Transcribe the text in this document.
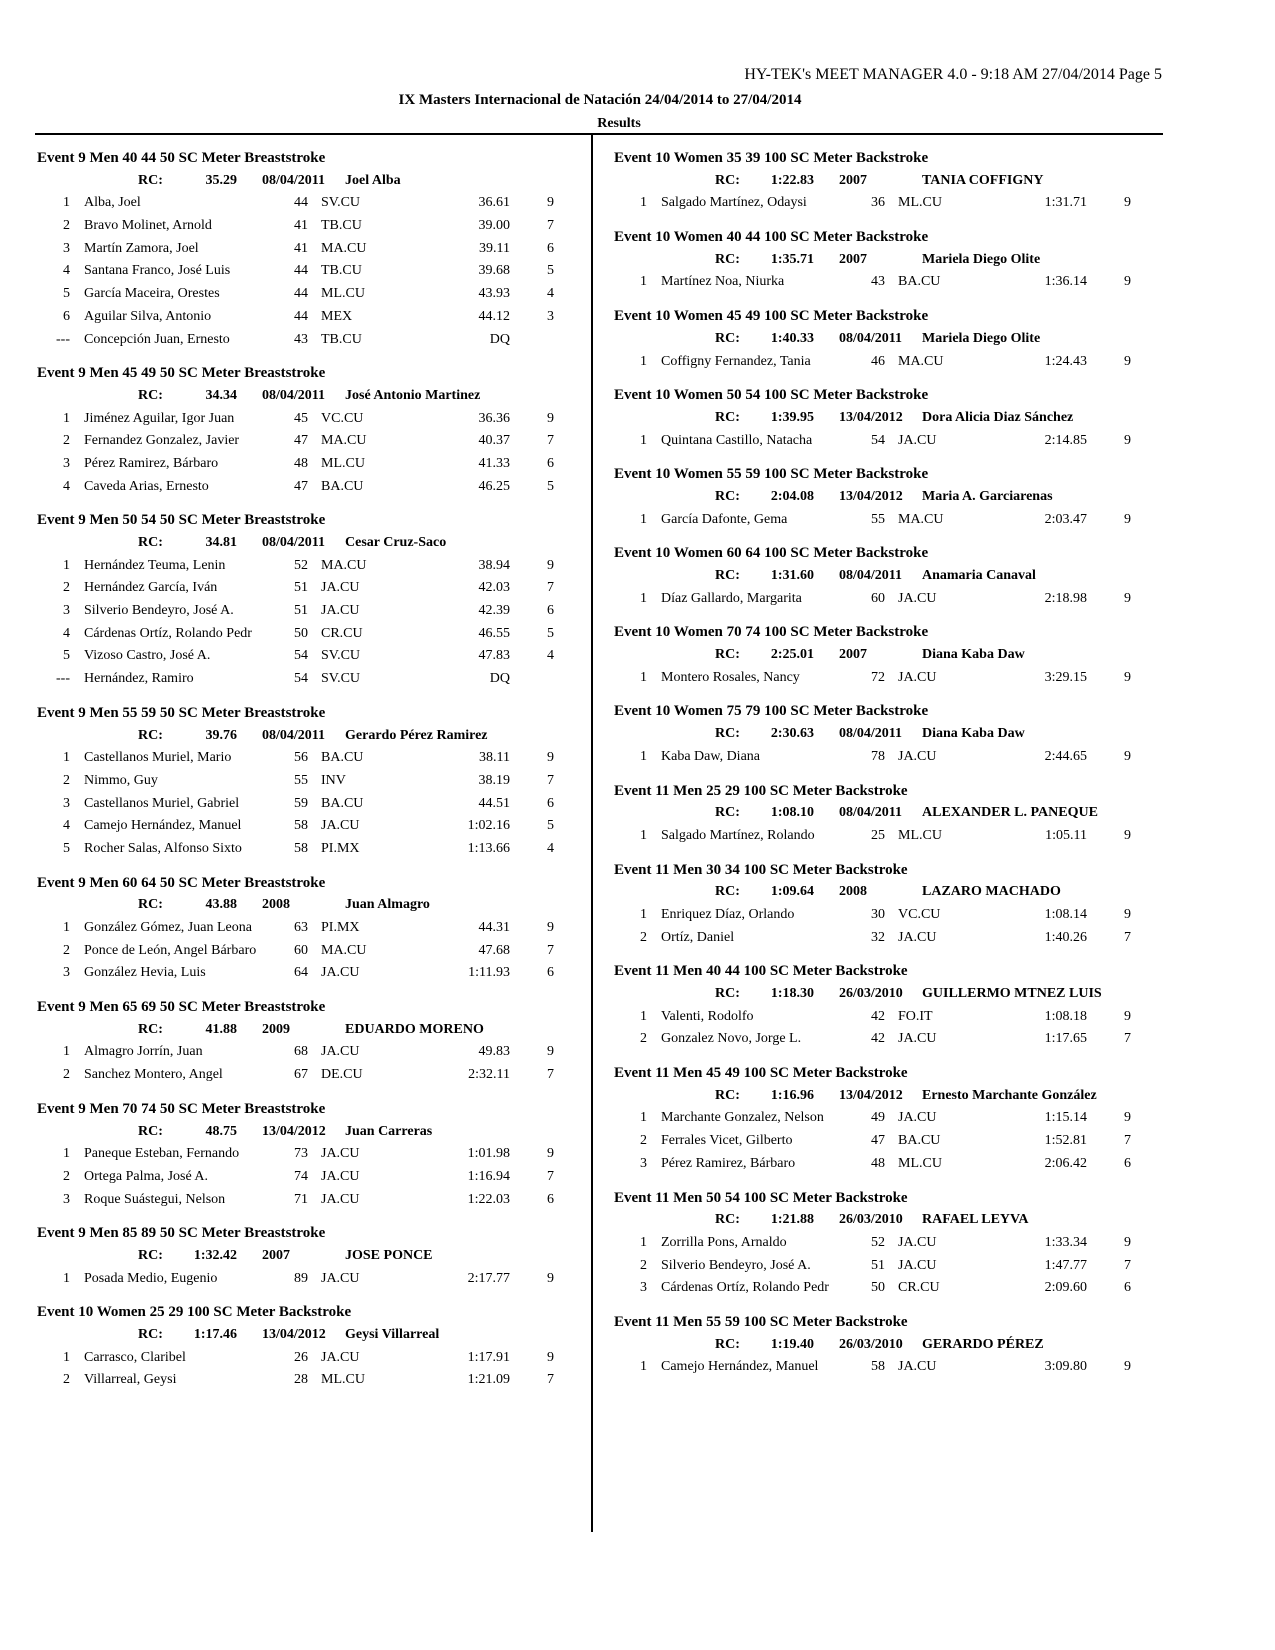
HY-TEK's MEET MANAGER 4.0 - 9:18 AM 27/04/2014 Page 5
IX Masters Internacional de Natación 24/04/2014 to 27/04/2014
Results
Event 9 Men 40 44 50 SC Meter Breaststroke
RC:	35.29 08/04/2011	Joel Alba
1 Alba, Joel	44 SV.CU	36.61	9
2 Bravo Molinet, Arnold	41 TB.CU	39.00	7
3 Martín Zamora, Joel	41 MA.CU	39.11	6
4 Santana Franco, José Luis	44 TB.CU	39.68	5
5 García Maceira, Orestes	44 ML.CU	43.93	4
6 Aguilar Silva, Antonio	44 MEX	44.12	3
--- Concepción Juan, Ernesto	43 TB.CU	DQ
Event 9 Men 45 49 50 SC Meter Breaststroke
RC:	34.34 08/04/2011	José Antonio Martinez
1 Jiménez Aguilar, Igor Juan	45 VC.CU	36.36	9
2 Fernandez Gonzalez, Javier	47 MA.CU	40.37	7
3 Pérez Ramirez, Bárbaro	48 ML.CU	41.33	6
4 Caveda Arias, Ernesto	47 BA.CU	46.25	5
Event 9 Men 50 54 50 SC Meter Breaststroke
RC:	34.81 08/04/2011	Cesar Cruz-Saco
1 Hernández Teuma, Lenin	52 MA.CU	38.94	9
2 Hernández García, Iván	51 JA.CU	42.03	7
3 Silverio Bendeyro, José A.	51 JA.CU	42.39	6
4 Cárdenas Ortíz, Rolando Pedr	50 CR.CU	46.55	5
5 Vizoso Castro, José A.	54 SV.CU	47.83	4
--- Hernández, Ramiro	54 SV.CU	DQ
Event 9 Men 55 59 50 SC Meter Breaststroke
RC:	39.76 08/04/2011	Gerardo Pérez Ramirez
1 Castellanos Muriel, Mario	56 BA.CU	38.11	9
2 Nimmo, Guy	55 INV	38.19	7
3 Castellanos Muriel, Gabriel	59 BA.CU	44.51	6
4 Camejo Hernández, Manuel	58 JA.CU	1:02.16	5
5 Rocher Salas, Alfonso Sixto	58 PI.MX	1:13.66	4
Event 9 Men 60 64 50 SC Meter Breaststroke
RC:	43.88 2008	Juan Almagro
1 González Gómez, Juan Leona	63 PI.MX	44.31	9
2 Ponce de León, Angel Bárbaro	60 MA.CU	47.68	7
3 González Hevia, Luis	64 JA.CU	1:11.93	6
Event 9 Men 65 69 50 SC Meter Breaststroke
RC:	41.88 2009	EDUARDO MORENO
1 Almagro Jorrín, Juan	68 JA.CU	49.83	9
2 Sanchez Montero, Angel	67 DE.CU	2:32.11	7
Event 9 Men 70 74 50 SC Meter Breaststroke
RC:	48.75 13/04/2012	Juan Carreras
1 Paneque Esteban, Fernando	73 JA.CU	1:01.98	9
2 Ortega Palma, José A.	74 JA.CU	1:16.94	7
3 Roque Suástegui, Nelson	71 JA.CU	1:22.03	6
Event 9 Men 85 89 50 SC Meter Breaststroke
RC:	1:32.42 2007	JOSE PONCE
1 Posada Medio, Eugenio	89 JA.CU	2:17.77	9
Event 10 Women 25 29 100 SC Meter Backstroke
RC:	1:17.46 13/04/2012	Geysi Villarreal
1 Carrasco, Claribel	26 JA.CU	1:17.91	9
2 Villarreal, Geysi	28 ML.CU	1:21.09	7
Event 10 Women 35 39 100 SC Meter Backstroke
RC:	1:22.83 2007	TANIA COFFIGNY
1 Salgado Martínez, Odaysi	36 ML.CU	1:31.71	9
Event 10 Women 40 44 100 SC Meter Backstroke
RC:	1:35.71 2007	Mariela Diego Olite
1 Martínez Noa, Niurka	43 BA.CU	1:36.14	9
Event 10 Women 45 49 100 SC Meter Backstroke
RC:	1:40.33 08/04/2011	Mariela Diego Olite
1 Coffigny Fernandez, Tania	46 MA.CU	1:24.43	9
Event 10 Women 50 54 100 SC Meter Backstroke
RC:	1:39.95 13/04/2012	Dora Alicia Diaz Sánchez
1 Quintana Castillo, Natacha	54 JA.CU	2:14.85	9
Event 10 Women 55 59 100 SC Meter Backstroke
RC:	2:04.08 13/04/2012	Maria A. Garciarenas
1 García Dafonte, Gema	55 MA.CU	2:03.47	9
Event 10 Women 60 64 100 SC Meter Backstroke
RC:	1:31.60 08/04/2011	Anamaria Canaval
1 Díaz Gallardo, Margarita	60 JA.CU	2:18.98	9
Event 10 Women 70 74 100 SC Meter Backstroke
RC:	2:25.01 2007	Diana Kaba Daw
1 Montero Rosales, Nancy	72 JA.CU	3:29.15	9
Event 10 Women 75 79 100 SC Meter Backstroke
RC:	2:30.63 08/04/2011	Diana Kaba Daw
1 Kaba Daw, Diana	78 JA.CU	2:44.65	9
Event 11 Men 25 29 100 SC Meter Backstroke
RC:	1:08.10 08/04/2011	ALEXANDER L. PANEQUE
1 Salgado Martínez, Rolando	25 ML.CU	1:05.11	9
Event 11 Men 30 34 100 SC Meter Backstroke
RC:	1:09.64 2008	LAZARO MACHADO
1 Enriquez Díaz, Orlando	30 VC.CU	1:08.14	9
2 Ortíz, Daniel	32 JA.CU	1:40.26	7
Event 11 Men 40 44 100 SC Meter Backstroke
RC:	1:18.30 26/03/2010	GUILLERMO MTNEZ LUIS
1 Valenti, Rodolfo	42 FO.IT	1:08.18	9
2 Gonzalez Novo, Jorge L.	42 JA.CU	1:17.65	7
Event 11 Men 45 49 100 SC Meter Backstroke
RC:	1:16.96 13/04/2012	Ernesto Marchante González
1 Marchante Gonzalez, Nelson	49 JA.CU	1:15.14	9
2 Ferrales Vicet, Gilberto	47 BA.CU	1:52.81	7
3 Pérez Ramirez, Bárbaro	48 ML.CU	2:06.42	6
Event 11 Men 50 54 100 SC Meter Backstroke
RC:	1:21.88 26/03/2010	RAFAEL LEYVA
1 Zorrilla Pons, Arnaldo	52 JA.CU	1:33.34	9
2 Silverio Bendeyro, José A.	51 JA.CU	1:47.77	7
3 Cárdenas Ortíz, Rolando Pedr	50 CR.CU	2:09.60	6
Event 11 Men 55 59 100 SC Meter Backstroke
RC:	1:19.40 26/03/2010	GERARDO PÉREZ
1 Camejo Hernández, Manuel	58 JA.CU	3:09.80	9
